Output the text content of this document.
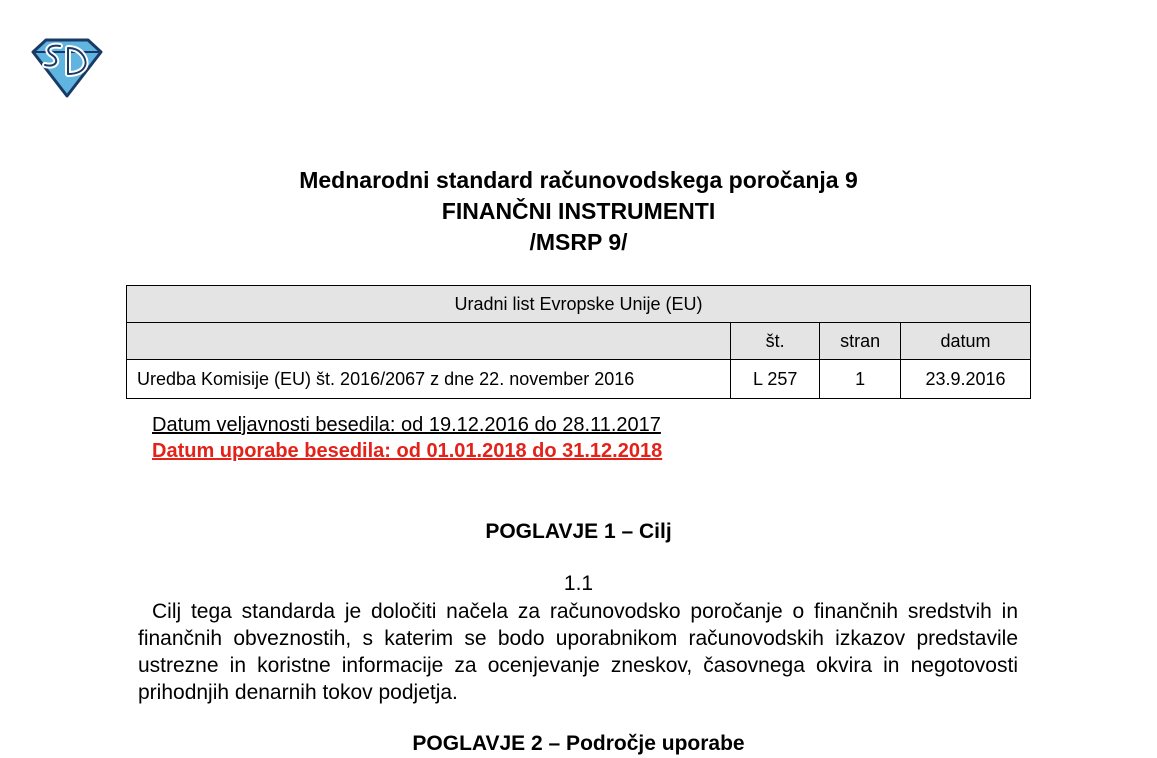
Mednarodni standard računovodskega poročanja 9
FINANČNI INSTRUMENTI
/MSRP 9/
Uradni list Evropske Unije (EU)			
	št.	stran	datum
Uredba Komisije (EU) št. 2016/2067 z dne 22. november 2016	L 257	1	23.9.2016
Datum veljavnosti besedila: od 19.12.2016 do 28.11.2017
Datum uporabe besedila: od 01.01.2018 do 31.12.2018
POGLAVJE 1 – Cilj
1.1
Cilj tega standarda je določiti načela za računovodsko poročanje o finančnih sredstvih in finančnih obveznostih, s katerim se bodo uporabnikom računovodskih izkazov predstavile ustrezne in koristne informacije za ocenjevanje zneskov, časovnega okvira in negotovosti prihodnjih denarnih tokov podjetja.
POGLAVJE 2 – Področje uporabe
